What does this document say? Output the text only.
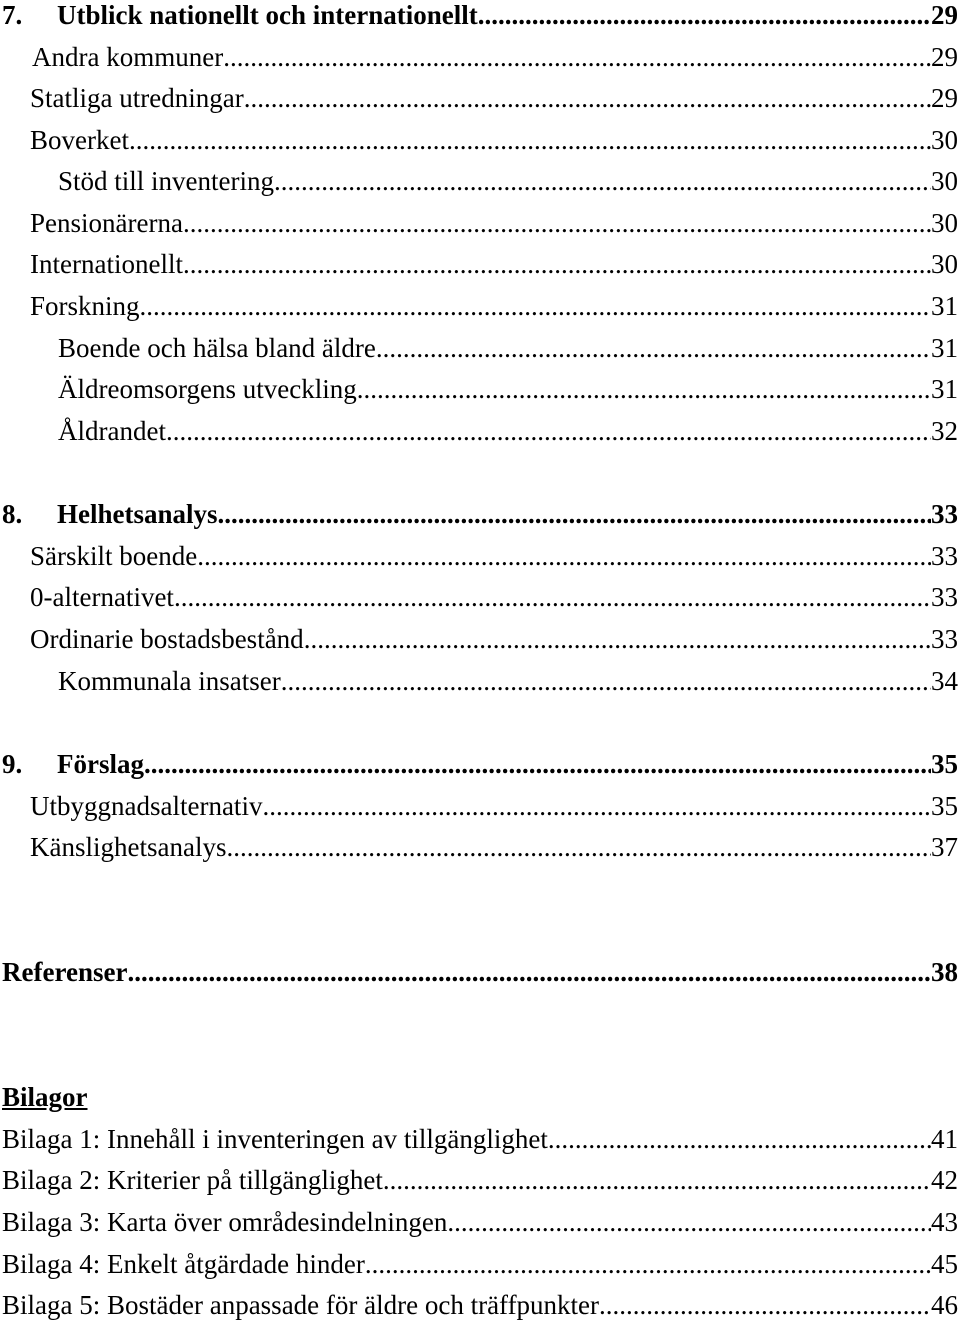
7. Utblick nationellt och internationellt .....	29
Andra kommuner .....	29
Statliga utredningar .....	29
Boverket .....	30
Stöd till inventering .....	30
Pensionärerna .....	30
Internationellt .....	30
Forskning .....	31
Boende och hälsa bland äldre .....	31
Äldreomsorgens utveckling .....	31
Åldrandet .....	32
8. Helhetsanalys .....	33
Särskilt boende .....	33
0-alternativet .....	33
Ordinarie bostadsbestånd .....	33
Kommunala insatser .....	34
9. Förslag .....	35
Utbyggnadsalternativ .....	35
Känslighetsanalys .....	37
Referenser .....	38
Bilagor
Bilaga 1: Innehåll i inventeringen av tillgänglighet .....	41
Bilaga 2: Kriterier på tillgänglighet .....	42
Bilaga 3: Karta över områdesindelningen .....	43
Bilaga 4: Enkelt åtgärdade hinder .....	45
Bilaga 5: Bostäder anpassade för äldre och träffpunkter .....	46
